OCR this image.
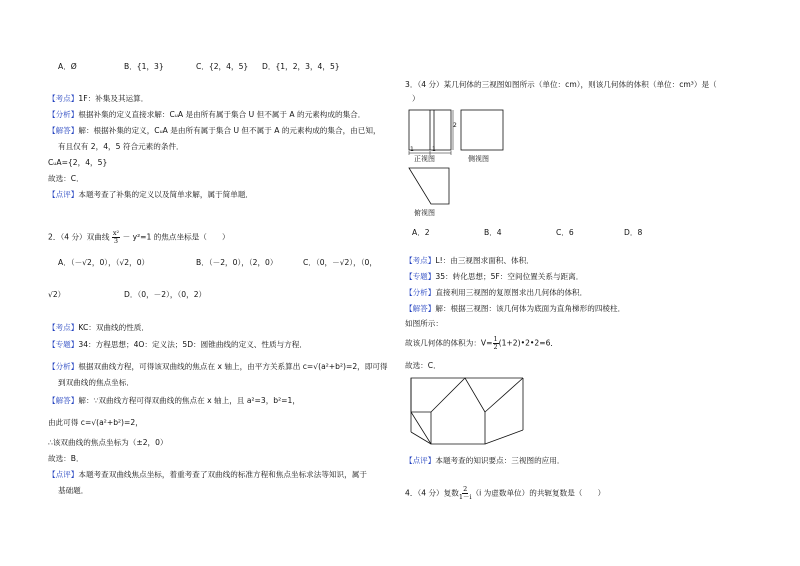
A．Ø	B．{1，3}	C．{2，4，5} D．{1，2，3，4，5}
【考点】1F：补集及其运算．
【分析】根据补集的定义直接求解：CᵤA 是由所有属于集合 U 但不属于 A 的元素构成的集合．
【解答】解：根据补集的定义，CᵤA 是由所有属于集合 U 但不属于 A 的元素构成的集合，由已知，
有且仅有 2，4，5 符合元素的条件．
CᵤA={2，4，5}
故选：C．
【点评】本题考查了补集的定义以及简单求解，属于简单题．
2．（4 分）双曲线 $\frac{\text{x²}}{3} - y^2=1$ 的焦点坐标是（　　）
A．（－√2，0），（√2，0）	B．（－2，0），（2，0）	C．（0，－√2），（0，
√2）	D．（0，－2），（0，2）
【考点】KC：双曲线的性质．
【专题】34：方程思想；4O：定义法；5D：圆锥曲线的定义、性质与方程．
【分析】根据双曲线方程，可得该双曲线的焦点在 x 轴上，由平方关系算出 c=√(a²+b²)=2，即可得
到双曲线的焦点坐标．
【解答】解：∵双曲线方程可得双曲线的焦点在 x 轴上，且 a²=3，b²=1，
由此可得 c=√(a²+b²)=2，
∴该双曲线的焦点坐标为（±2，0）
故选：B．
【点评】本题考查双曲线焦点坐标，着重考查了双曲线的标准方程和焦点坐标求法等知识，属于
基础题．
3．（4 分）某几何体的三视图如图所示（单位：cm），则该几何体的体积（单位：cm³）是（
）
1	1
2
正视图	侧视图
俯视图
A．2	B．4	C．6	D．8
【考点】L!：由三视图求面积、体积．
【专题】35：转化思想；5F：空间位置关系与距离．
【分析】直接利用三视图的复原图求出几何体的体积．
【解答】解：根据三视图：该几何体为底面为直角梯形的四棱柱．
如图所示：
故该几何体的体积为：$V= \frac{1}{2}$ (1+2)•2•2=6．
故选：C．
【点评】本题考查的知识要点：三视图的应用．
4．（4 分）复数 $\frac{2}{1-i} (i$ 为虚数单位）的共轭复数是（　　）
